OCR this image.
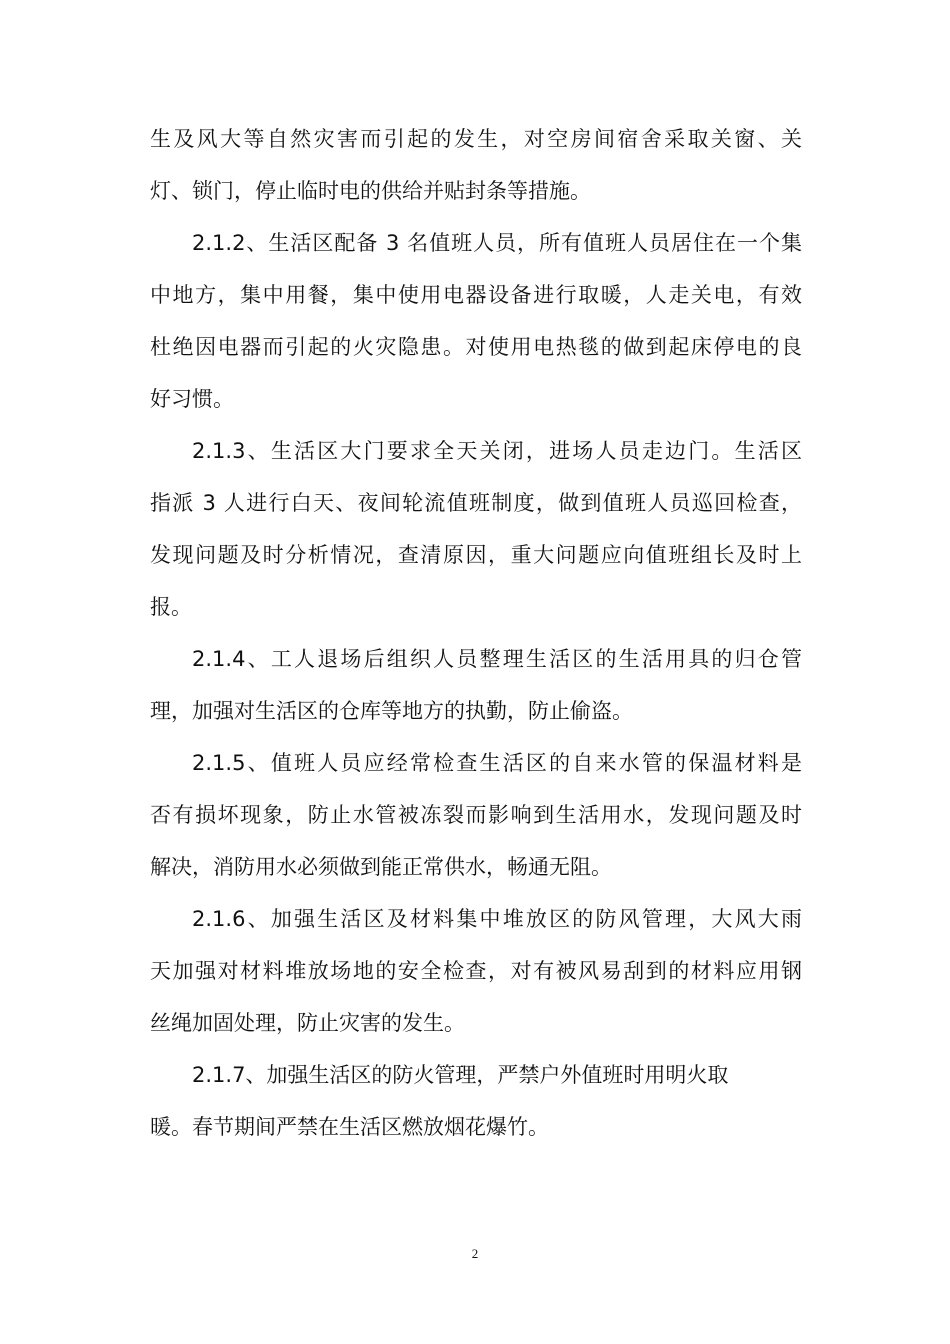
生及风大等自然灾害而引起的发生，对空房间宿舍采取关窗、关
灯、锁门，停止临时电的供给并贴封条等措施。
2.1.2、生活区配备 3 名值班人员，所有值班人员居住在一个集
中地方，集中用餐，集中使用电器设备进行取暖，人走关电，有效
杜绝因电器而引起的火灾隐患。对使用电热毯的做到起床停电的良
好习惯。
2.1.3、生活区大门要求全天关闭，进场人员走边门。生活区
指派 3 人进行白天、夜间轮流值班制度，做到值班人员巡回检查，
发现问题及时分析情况，查清原因，重大问题应向值班组长及时上
报。
2.1.4、工人退场后组织人员整理生活区的生活用具的归仓管
理，加强对生活区的仓库等地方的执勤，防止偷盗。
2.1.5、值班人员应经常检查生活区的自来水管的保温材料是
否有损坏现象，防止水管被冻裂而影响到生活用水，发现问题及时
解决，消防用水必须做到能正常供水，畅通无阻。
2.1.6、加强生活区及材料集中堆放区的防风管理，大风大雨
天加强对材料堆放场地的安全检查，对有被风易刮到的材料应用钢
丝绳加固处理，防止灾害的发生。
2.1.7、加强生活区的防火管理，严禁户外值班时用明火取
暖。春节期间严禁在生活区燃放烟花爆竹。
2
